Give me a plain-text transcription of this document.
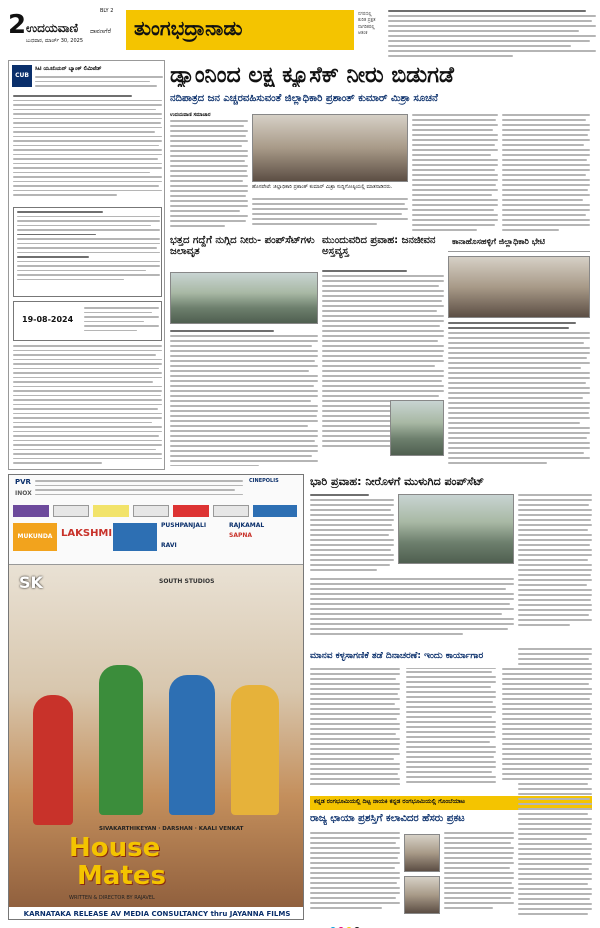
2	BLY 2
ಉದಯವಾಣಿ ದಾವಣಗೆರೆ
ಬುಧವಾರ, ಮಾರ್ಚ್ 30, 2025
ತುಂಗಭದ್ರಾನಾಡು
ನಗರದಲ್ಲಿ
ಕುರಿತ ಪ್ರಕ್ಷತ
ನಾಗರಿಕರಲ್ಲಿ
ಆತಂಕ
CUB
ಸಿಟಿ ಯೂನಿಯನ್ ಬ್ಯಾಂಕ್ ಲಿಮಿಟೆಡ್
19-08-2024
ಡ್ಯಾಂನಿಂದ ಲಕ್ಷ ಕ್ಯೂಸೆಕ್ ನೀರು ಬಿಡುಗಡೆ
ನದಿಪಾತ್ರದ ಜನ ಎಚ್ಚರವಹಿಸುವಂತೆ ಜಿಲ್ಲಾಧಿಕಾರಿ ಪ್ರಶಾಂತ್ ಕುಮಾರ್ ಮಿಶ್ರಾ ಸೂಚನೆ
ಉದಯವಾಣಿ ಸಮಾಚಾರ
ಹೊಸಪೇಟೆ: ಜಿಲ್ಲಾಧಿಕಾರಿ ಪ್ರಶಾಂತ್ ಕುಮಾರ್ ಮಿಶ್ರಾ ಸುದ್ದಿಗೋಷ್ಠಿಯಲ್ಲಿ ಮಾತನಾಡಿದರು.
ಭತ್ತದ ಗದ್ದೆಗೆ ನುಗ್ಗಿದ ನೀರು- ಪಂಪ್‌ಸೆಟ್‌ಗಳು ಜಲಾವೃತ
ಮುಂದುವರಿದ ಪ್ರವಾಹ: ಜನಜೀವನ ಅಸ್ತವ್ಯಸ್ತ
ಕಾನಾಹೊಸಹಳ್ಳಿಗೆ ಜಿಲ್ಲಾಧಿಕಾರಿ ಭೇಟಿ
PVR
INOX
CINEPOLIS
MUKUNDA LAKSHMI
PUSHPANJALI	RAJKAMAL
SAPNA
RAVI
SK	SOUTH STUDIOS
SIVAKARTHIKEYAN · DARSHAN · KAALI VENKAT
House
Mates
WRITTEN & DIRECTOR BY RAJAVEL
KARNATAKA RELEASE AV MEDIA CONSULTANCY thru JAYANNA FILMS
ಭಾರಿ ಪ್ರವಾಹ: ನೀರೊಳಗೆ ಮುಳುಗಿದ ಪಂಪ್‌ಸೆಟ್
ಮಾನವ ಕಳ್ಳಸಾಗಣಿಕೆ ತಡೆ ದಿನಾಚರಣೆ: ಇಂದು ಕಾರ್ಯಾಗಾರ
ಕನ್ನಡ ರಂಗಭೂಮಿಯಲ್ಲಿ ದಿಟ್ಟ ನಾಯಕಿ ಕನ್ನಡ ರಂಗಭೂಮಿಯಲ್ಲಿ ಗೊಂಬೆಯಾಟ
ರಾಜ್ಯ ಛಾಯಾ ಪ್ರಶಸ್ತಿಗೆ ಕಲಾವಿದರ ಹೆಸರು ಪ್ರಕಟ
